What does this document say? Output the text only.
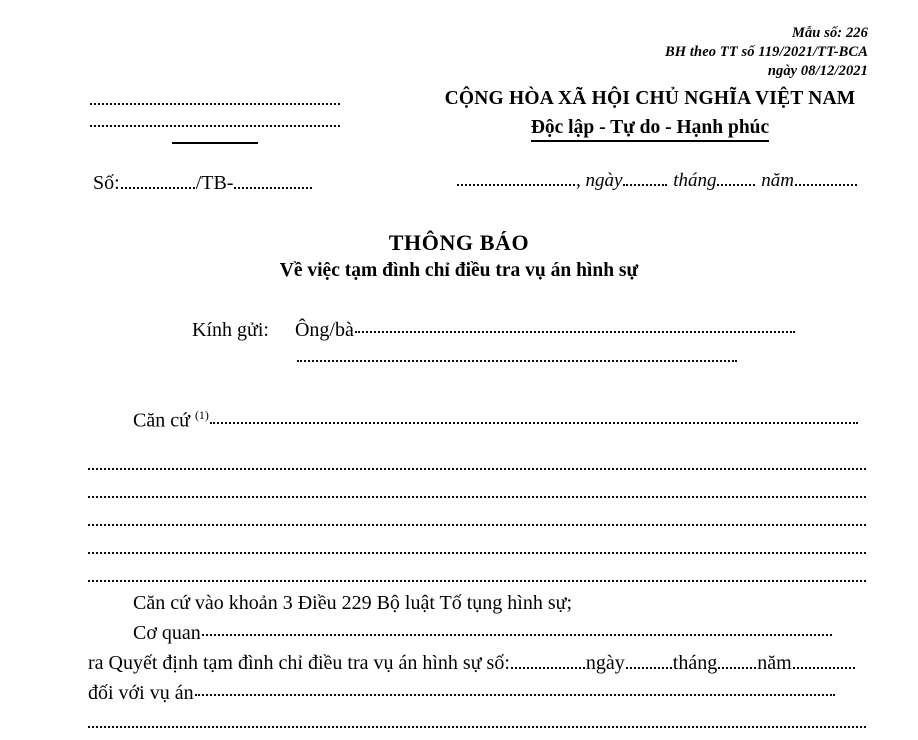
Mẫu số: 226
BH theo TT số 119/2021/TT-BCA
ngày 08/12/2021
Số:	/TB-
CỘNG HÒA XÃ HỘI CHỦ NGHĨA VIỆT NAM
Độc lập - Tự do - Hạnh phúc
, ngày	tháng năm
THÔNG BÁO
Về việc tạm đình chỉ điều tra vụ án hình sự
Kính gửi: Ông/bà
Căn cứ $^{(1)}$
Căn cứ vào khoản 3 Điều 229 Bộ luật Tố tụng hình sự;
Cơ quan
ra Quyết định tạm đình chỉ điều tra vụ án hình sự số:	ngày tháng năm
đối với vụ án
